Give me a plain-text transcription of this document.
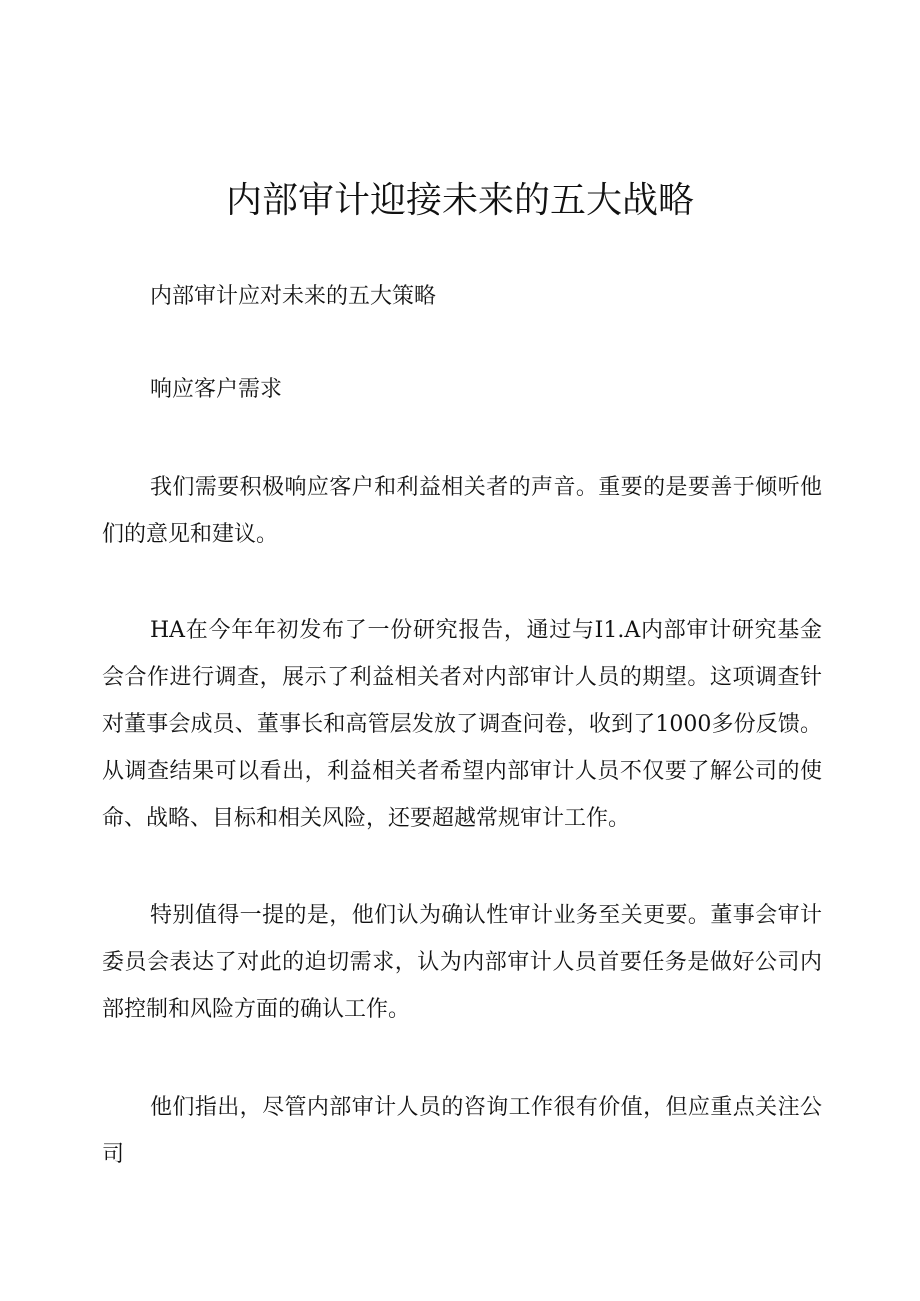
内部审计迎接未来的五大战略

内部审计应对未来的五大策略

响应客户需求

我们需要积极响应客户和利益相关者的声音。重要的是要善于倾听他们的意见和建议。

HA在今年年初发布了一份研究报告，通过与I1.A内部审计研究基金会合作进行调查，展示了利益相关者对内部审计人员的期望。这项调查针对董事会成员、董事长和高管层发放了调查问卷，收到了1000多份反馈。从调查结果可以看出，利益相关者希望内部审计人员不仅要了解公司的使命、战略、目标和相关风险，还要超越常规审计工作。

特别值得一提的是，他们认为确认性审计业务至关更要。董事会审计委员会表达了对此的迫切需求，认为内部审计人员首要任务是做好公司内部控制和风险方面的确认工作。

他们指出，尽管内部审计人员的咨询工作很有价值，但应重点关注公司
